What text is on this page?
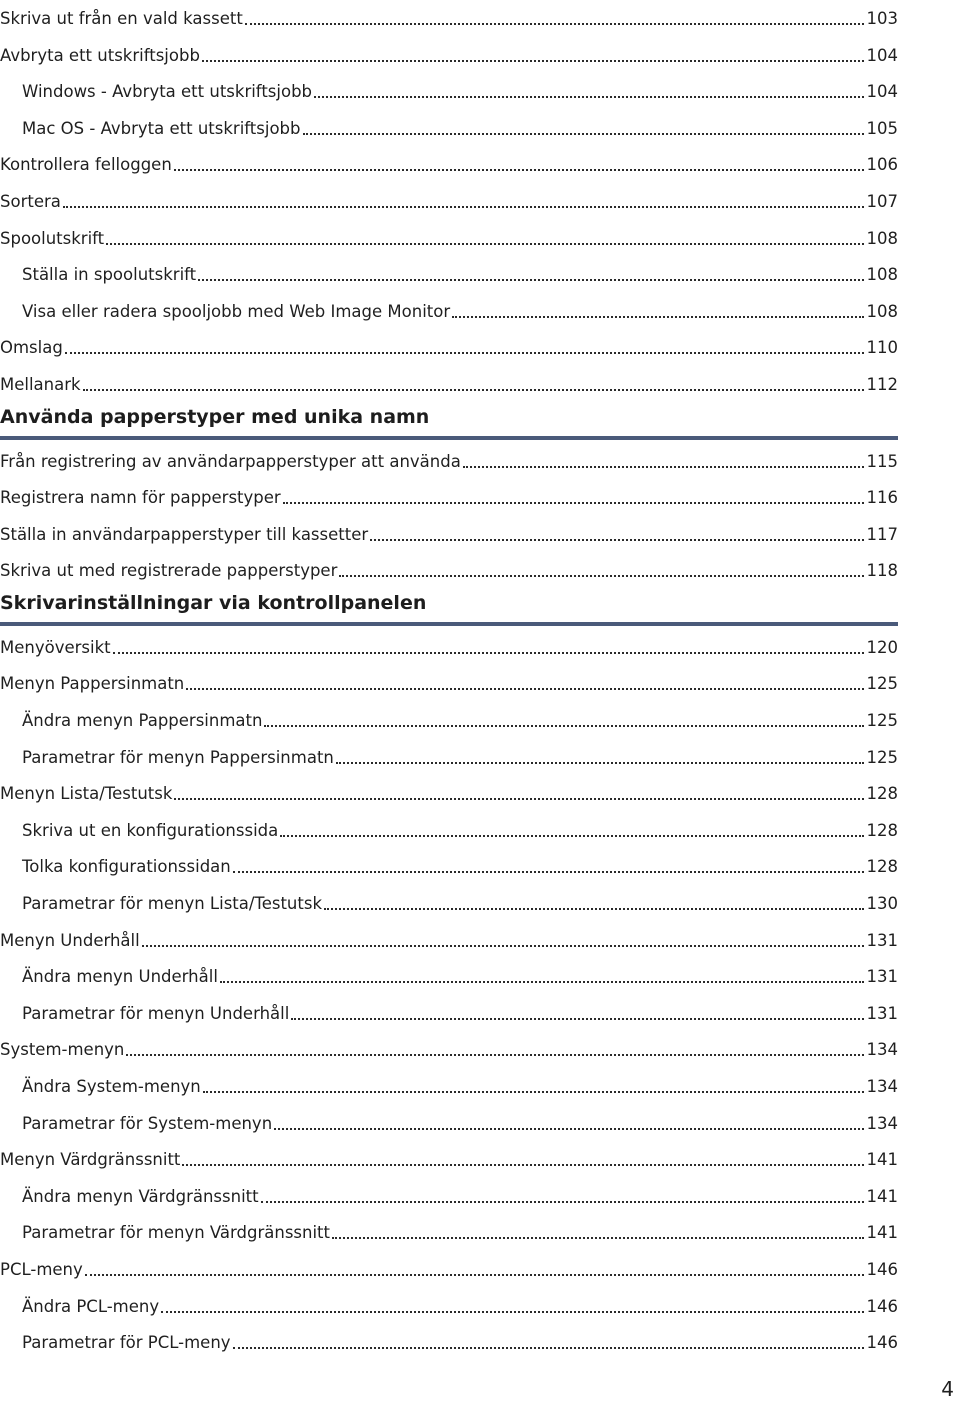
Skriva ut från en vald kassett	103
Avbryta ett utskriftsjobb	104
Windows - Avbryta ett utskriftsjobb	104
Mac OS - Avbryta ett utskriftsjobb	105
Kontrollera felloggen	106
Sortera	107
Spoolutskrift	108
Ställa in spoolutskrift	108
Visa eller radera spooljobb med Web Image Monitor	108
Omslag	110
Mellanark	112
Använda papperstyper med unika namn
Från registrering av användarpapperstyper att använda	115
Registrera namn för papperstyper	116
Ställa in användarpapperstyper till kassetter	117
Skriva ut med registrerade papperstyper	118
Skrivarinställningar via kontrollpanelen
Menyöversikt	120
Menyn Pappersinmatn	125
Ändra menyn Pappersinmatn	125
Parametrar för menyn Pappersinmatn	125
Menyn Lista/Testutsk	128
Skriva ut en konfigurationssida	128
Tolka konfigurationssidan	128
Parametrar för menyn Lista/Testutsk	130
Menyn Underhåll	131
Ändra menyn Underhåll	131
Parametrar för menyn Underhåll	131
System-menyn	134
Ändra System-menyn	134
Parametrar för System-menyn	134
Menyn Värdgränssnitt	141
Ändra menyn Värdgränssnitt	141
Parametrar för menyn Värdgränssnitt	141
PCL-meny	146
Ändra PCL-meny	146
Parametrar för PCL-meny	146
4
